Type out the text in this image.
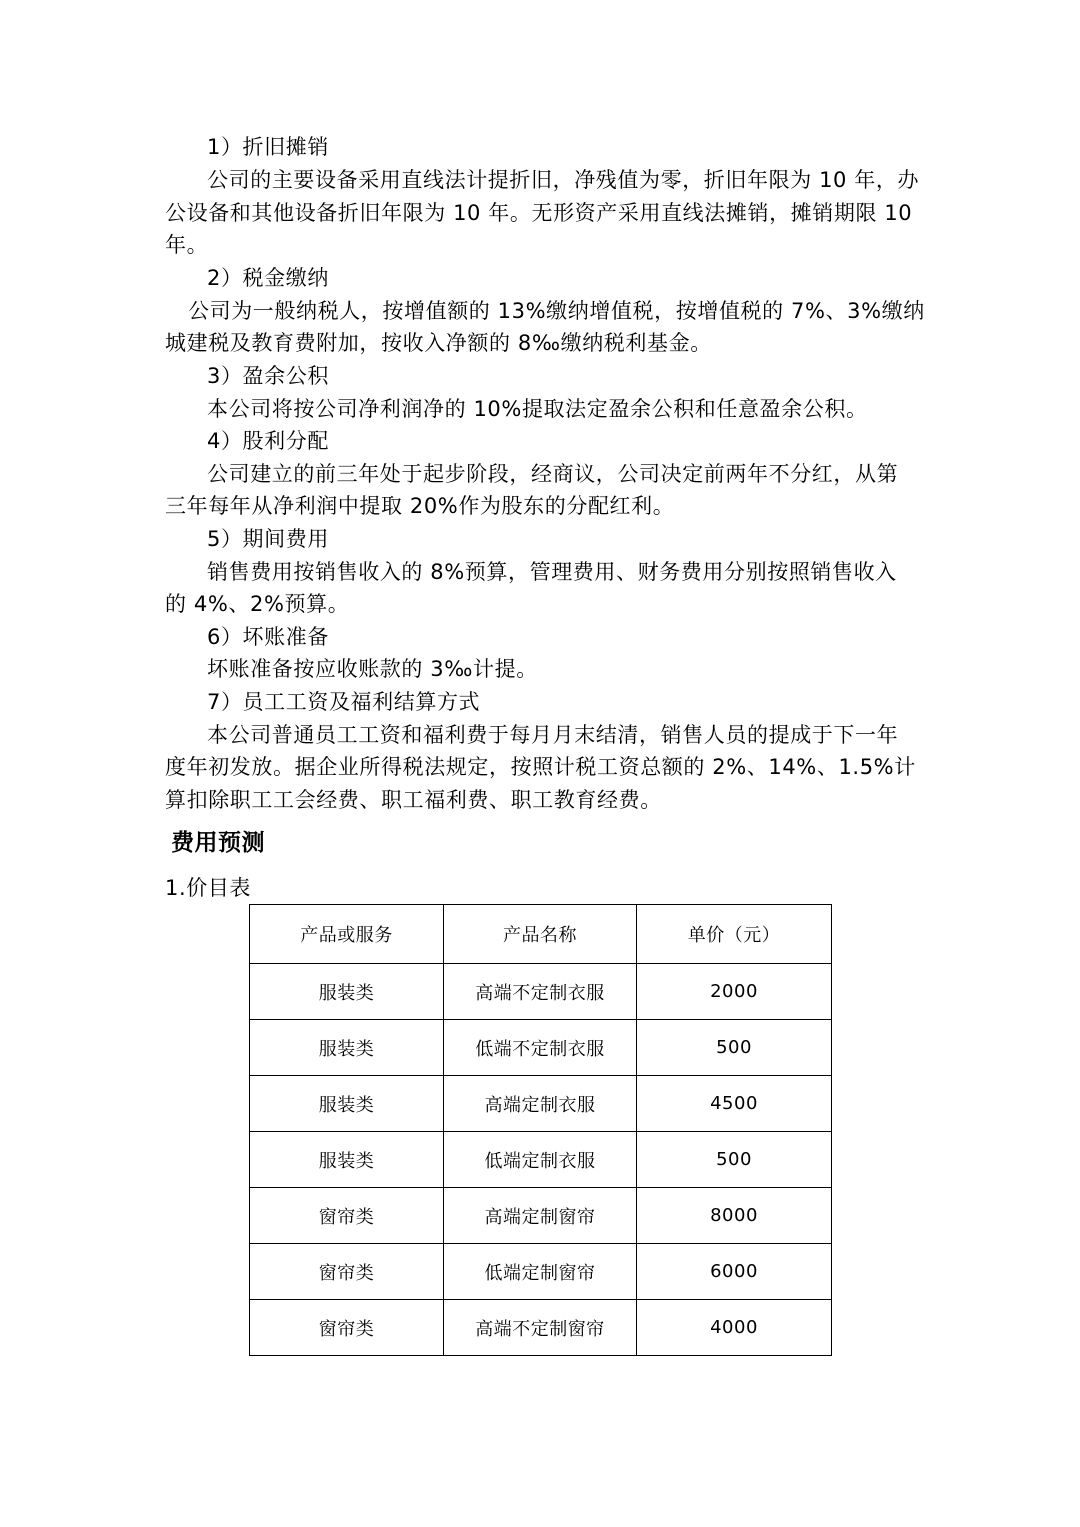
1）折旧摊销
公司的主要设备采用直线法计提折旧，净残值为零，折旧年限为 10 年，办
公设备和其他设备折旧年限为 10 年。无形资产采用直线法摊销，摊销期限 10
年。
2）税金缴纳
公司为一般纳税人，按增值额的 13%缴纳增值税，按增值税的 7%、3%缴纳
城建税及教育费附加，按收入净额的 8‰缴纳税利基金。
3）盈余公积
本公司将按公司净利润净的 10%提取法定盈余公积和任意盈余公积。
4）股利分配
公司建立的前三年处于起步阶段，经商议，公司决定前两年不分红，从第
三年每年从净利润中提取 20%作为股东的分配红利。
5）期间费用
销售费用按销售收入的 8%预算，管理费用、财务费用分别按照销售收入
的 4%、2%预算。
6）坏账准备
坏账准备按应收账款的 3‰计提。
7）员工工资及福利结算方式
本公司普通员工工资和福利费于每月月末结清，销售人员的提成于下一年
度年初发放。据企业所得税法规定，按照计税工资总额的 2%、14%、1.5%计
算扣除职工工会经费、职工福利费、职工教育经费。
费用预测
1.价目表
产品或服务	产品名称	单价（元）
服装类	高端不定制衣服	2000
服装类	低端不定制衣服	500
服装类	高端定制衣服	4500
服装类	低端定制衣服	500
窗帘类	高端定制窗帘	8000
窗帘类	低端定制窗帘	6000
窗帘类	高端不定制窗帘	4000
